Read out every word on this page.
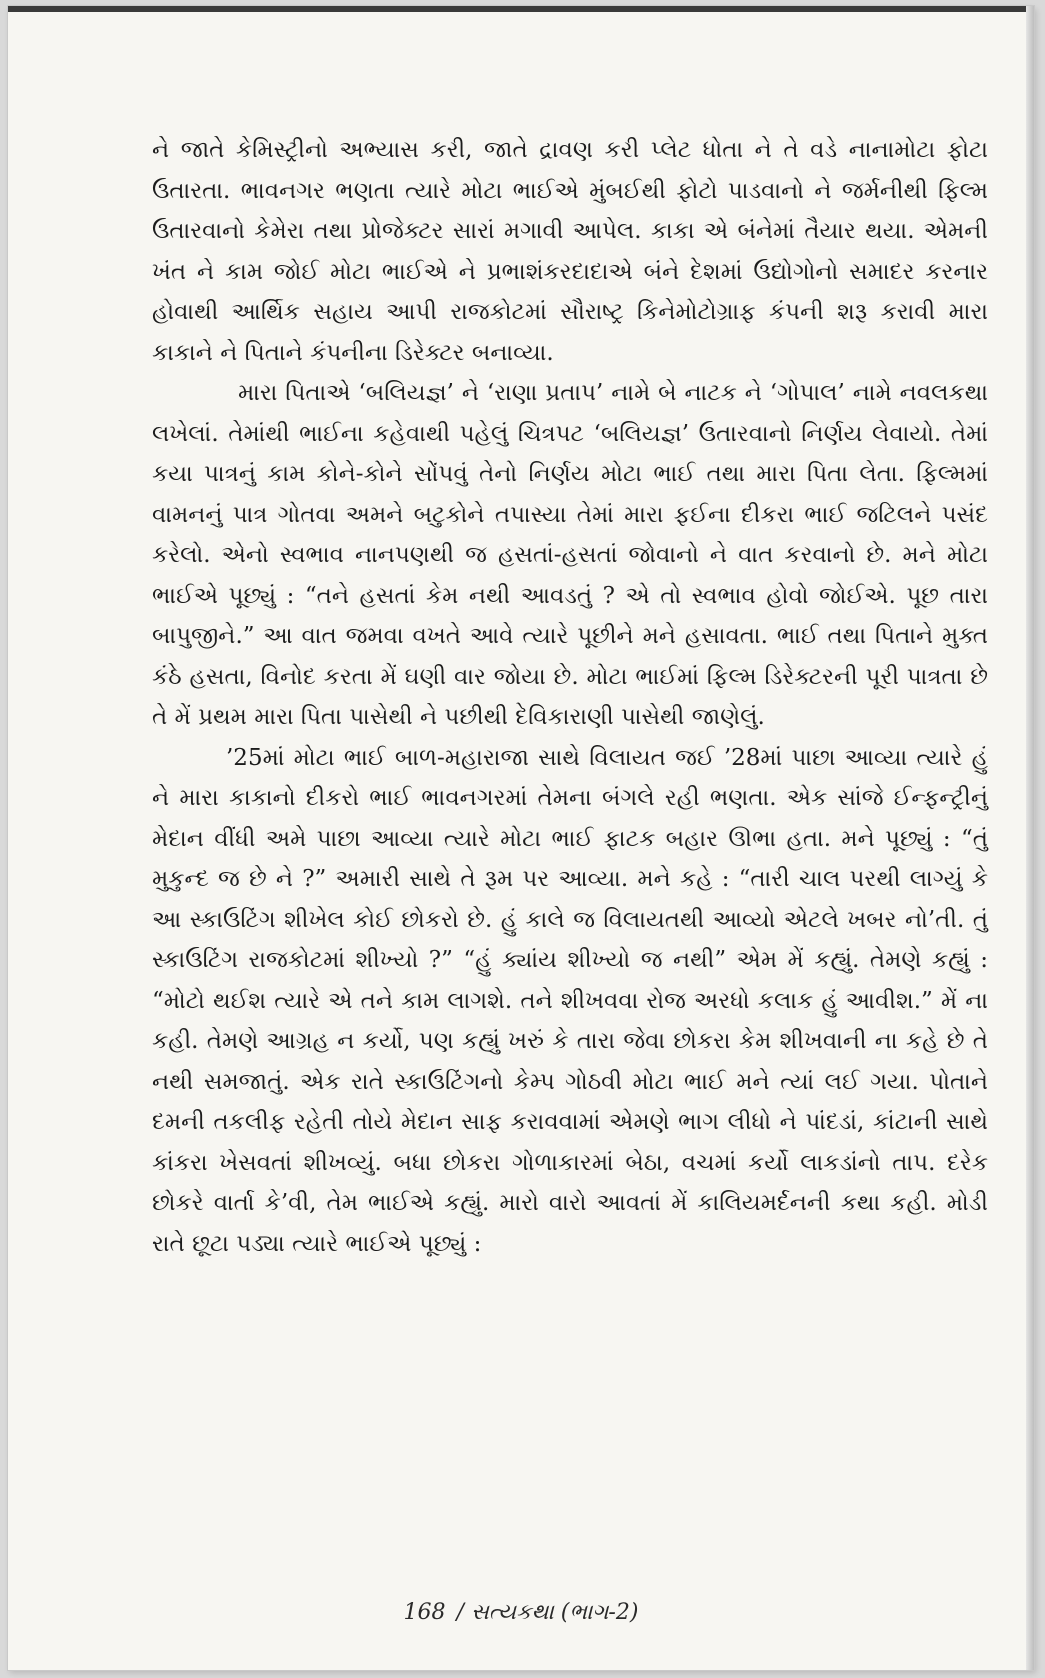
ને જાતે કેમિસ્ટ્રીનો અભ્યાસ કરી, જાતે દ્રાવણ કરી પ્લેટ ધોતા ને તે વડે નાનામોટા ફોટા ઉતારતા. ભાવનગર ભણતા ત્યારે મોટા ભાઈએ મુંબઈથી ફોટો પાડવાનો ને જર્મનીથી ફિલ્મ ઉતારવાનો કેમેરા તથા પ્રોજેક્ટર સારાં મગાવી આપેલ. કાકા એ બંનેમાં તૈયાર થયા. એમની ખંત ને કામ જોઈ મોટા ભાઈએ ને પ્રભાશંકરદાદાએ બંને દેશમાં ઉદ્યોગોનો સમાદર કરનાર હોવાથી આર્થિક સહાય આપી રાજકોટમાં સૌરાષ્ટ્ર કિનેમોટોગ્રાફ કંપની શરૂ કરાવી મારા કાકાને ને પિતાને કંપનીના ડિરેક્ટર બનાવ્યા.

મારા પિતાએ ‘બલિયજ્ઞ’ ને ‘રાણા પ્રતાપ’ નામે બે નાટક ને ‘ગોપાલ’ નામે નવલકથા લખેલાં. તેમાંથી ભાઈના કહેવાથી પહેલું ચિત્રપટ ‘બલિયજ્ઞ’ ઉતારવાનો નિર્ણય લેવાયો. તેમાં કયા પાત્રનું કામ કોને-કોને સોંપવું તેનો નિર્ણય મોટા ભાઈ તથા મારા પિતા લેતા. ફિલ્મમાં વામનનું પાત્ર ગોતવા અમને બટુકોને તપાસ્યા તેમાં મારા ફઈના દીકરા ભાઈ જટિલને પસંદ કરેલો. એનો સ્વભાવ નાનપણથી જ હસતાં-હસતાં જોવાનો ને વાત કરવાનો છે. મને મોટા ભાઈએ પૂછ્યું : “તને હસતાં કેમ નથી આવડતું ? એ તો સ્વભાવ હોવો જોઈએ. પૂછ તારા બાપુજીને.” આ વાત જમવા વખતે આવે ત્યારે પૂછીને મને હસાવતા. ભાઈ તથા પિતાને મુક્ત કંઠે હસતા, વિનોદ કરતા મેં ઘણી વાર જોયા છે. મોટા ભાઈમાં ફિલ્મ ડિરેક્ટરની પૂરી પાત્રતા છે તે મેં પ્રથમ મારા પિતા પાસેથી ને પછીથી દેવિકારાણી પાસેથી જાણેલું.

’25માં મોટા ભાઈ બાળ-મહારાજા સાથે વિલાયત જઈ ’28માં પાછા આવ્યા ત્યારે હું ને મારા કાકાનો દીકરો ભાઈ ભાવનગરમાં તેમના બંગલે રહી ભણતા. એક સાંજે ઈન્ફન્ટ્રીનું મેદાન વીંધી અમે પાછા આવ્યા ત્યારે મોટા ભાઈ ફાટક બહાર ઊભા હતા. મને પૂછ્યું : “તું મુકુન્દ જ છે ને ?” અમારી સાથે તે રૂમ પર આવ્યા. મને કહે : “તારી ચાલ પરથી લાગ્યું કે આ સ્કાઉટિંગ શીખેલ કોઈ છોકરો છે. હું કાલે જ વિલાયતથી આવ્યો એટલે ખબર નો’તી. તું સ્કાઉટિંગ રાજકોટમાં શીખ્યો ?” “હું ક્યાંય શીખ્યો જ નથી” એમ મેં કહ્યું. તેમણે કહ્યું : “મોટો થઈશ ત્યારે એ તને કામ લાગશે. તને શીખવવા રોજ અરધો કલાક હું આવીશ.” મેં ના કહી. તેમણે આગ્રહ ન કર્યો, પણ કહ્યું ખરું કે તારા જેવા છોકરા કેમ શીખવાની ના કહે છે તે નથી સમજાતું. એક રાતે સ્કાઉટિંગનો કેમ્પ ગોઠવી મોટા ભાઈ મને ત્યાં લઈ ગયા. પોતાને દમની તકલીફ રહેતી તોયે મેદાન સાફ કરાવવામાં એમણે ભાગ લીધો ને પાંદડાં, કાંટાની સાથે કાંકરા ખેસવતાં શીખવ્યું. બધા છોકરા ગોળાકારમાં બેઠા, વચમાં કર્યો લાકડાંનો તાપ. દરેક છોકરે વાર્તા કે’વી, તેમ ભાઈએ કહ્યું. મારો વારો આવતાં મેં કાલિયમર્દનની કથા કહી. મોડી રાતે છૂટા પડ્યા ત્યારે ભાઈએ પૂછ્યું :

168 / સત્યકથા (ભાગ-2)
